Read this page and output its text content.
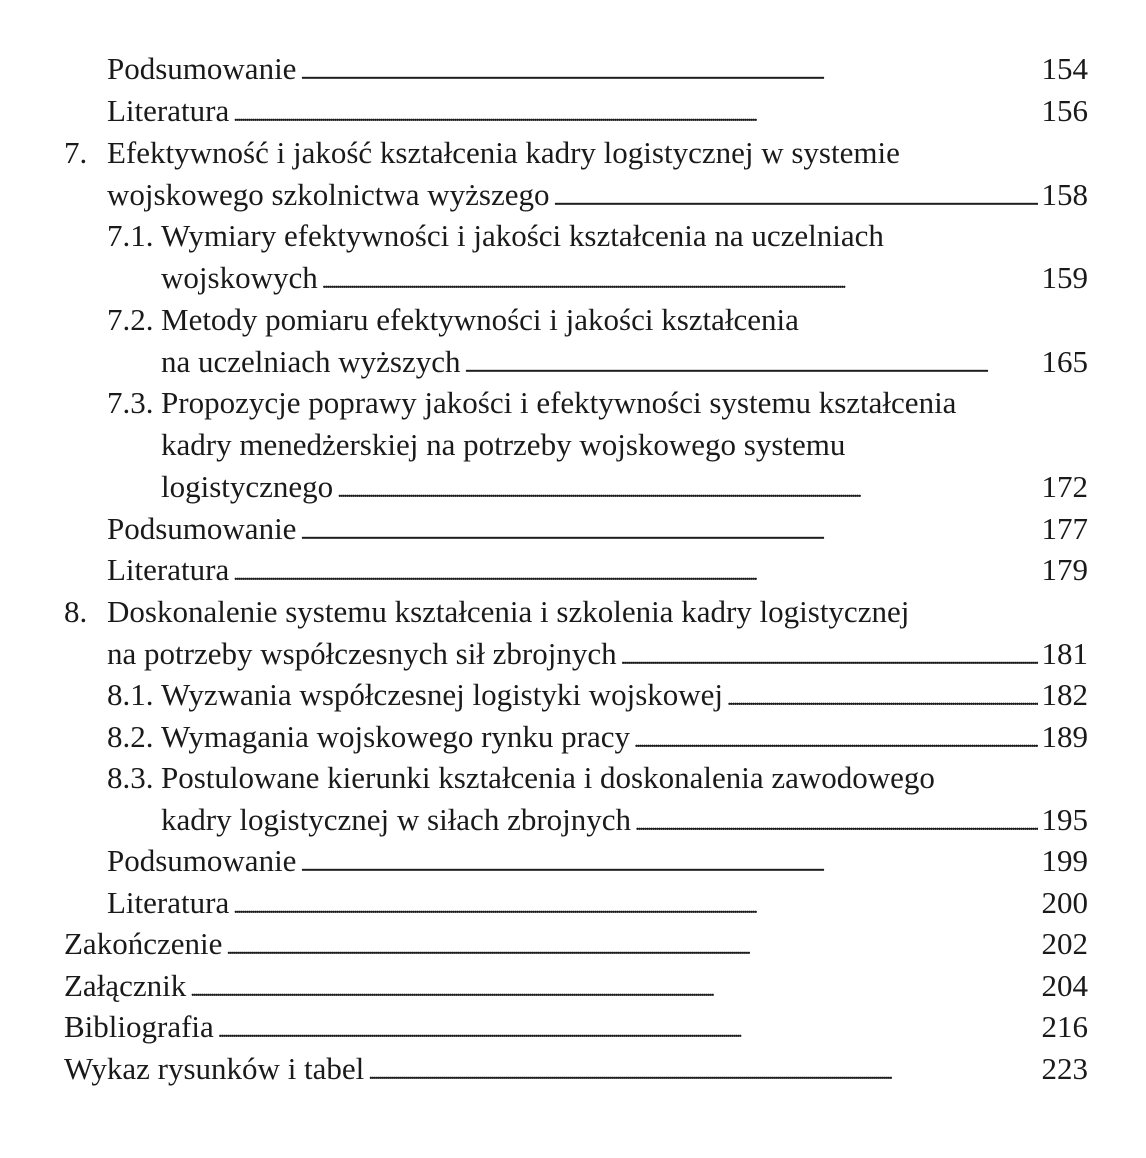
Podsumowanie . . .	154
Literatura . . .	156
7. Efektywność i jakość kształcenia kadry logistycznej w systemie
wojskowego szkolnictwa wyższego . . .	158
7.1. Wymiary efektywności i jakości kształcenia na uczelniach
wojskowych . . .	159
7.2. Metody pomiaru efektywności i jakości kształcenia
na uczelniach wyższych . . .	165
7.3. Propozycje poprawy jakości i efektywności systemu kształcenia
kadry menedżerskiej na potrzeby wojskowego systemu
logistycznego . . .	172
Podsumowanie . . .	177
Literatura . . .	179
8. Doskonalenie systemu kształcenia i szkolenia kadry logistycznej
na potrzeby współczesnych sił zbrojnych . . .	181
8.1. Wyzwania współczesnej logistyki wojskowej . . .	182
8.2. Wymagania wojskowego rynku pracy . . .	189
8.3. Postulowane kierunki kształcenia i doskonalenia zawodowego
kadry logistycznej w siłach zbrojnych . . .	195
Podsumowanie . . .	199
Literatura . . .	200
Zakończenie . . .	202
Załącznik . . .	204
Bibliografia . . .	216
Wykaz rysunków i tabel . . .	223
